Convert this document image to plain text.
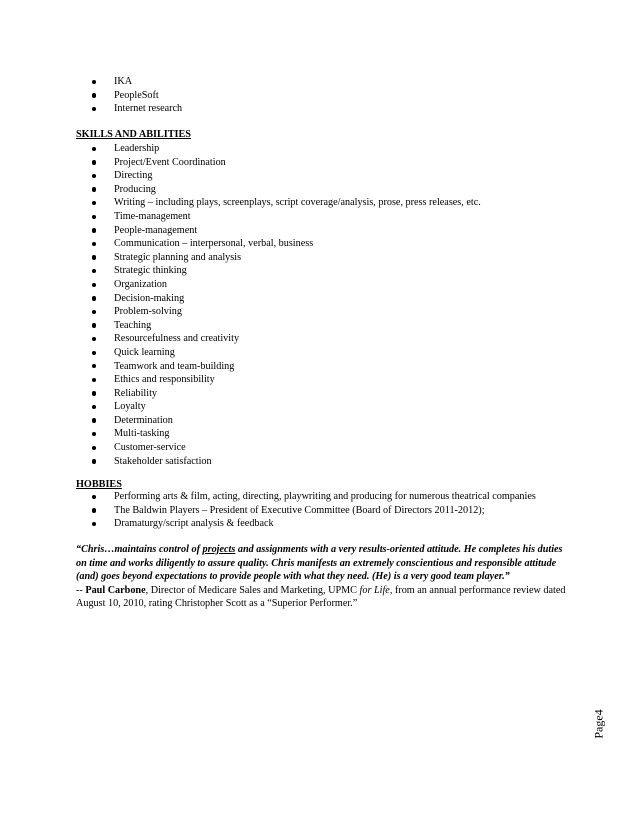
IKA
PeopleSoft
Internet research
SKILLS AND ABILITIES
Leadership
Project/Event Coordination
Directing
Producing
Writing – including plays, screenplays, script coverage/analysis, prose, press releases, etc.
Time-management
People-management
Communication – interpersonal, verbal, business
Strategic planning and analysis
Strategic thinking
Organization
Decision-making
Problem-solving
Teaching
Resourcefulness and creativity
Quick learning
Teamwork and team-building
Ethics and responsibility
Reliability
Loyalty
Determination
Multi-tasking
Customer-service
Stakeholder satisfaction
HOBBIES
Performing arts & film, acting, directing, playwriting and producing for numerous theatrical companies
The Baldwin Players – President of Executive Committee (Board of Directors 2011-2012);
Dramaturgy/script analysis & feedback
“Chris…maintains control of projects and assignments with a very results-oriented attitude. He completes his duties on time and works diligently to assure quality. Chris manifests an extremely conscientious and responsible attitude (and) goes beyond expectations to provide people with what they need. (He) is a very good team player.”
-- Paul Carbone, Director of Medicare Sales and Marketing, UPMC for Life, from an annual performance review dated August 10, 2010, rating Christopher Scott as a “Superior Performer.”
Page4
